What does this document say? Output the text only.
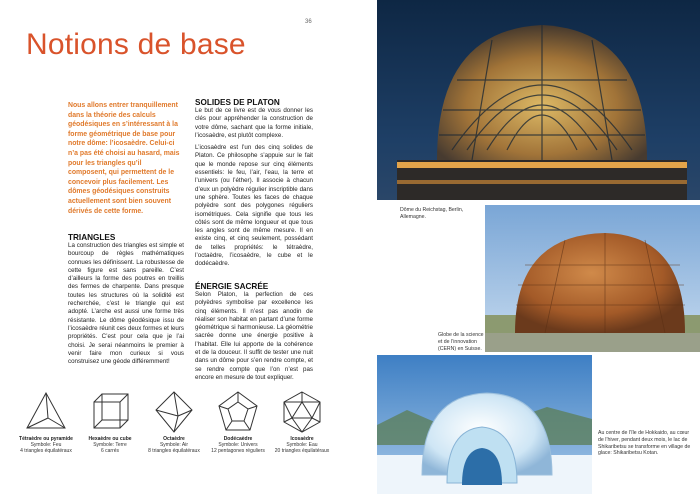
36
Notions de base

Nous allons entrer tranquillement dans la théorie des calculs géodésiques en s’intéressant à la forme géométrique de base pour notre dôme: l’icosaèdre. Celui-ci n’a pas été choisi au hasard, mais pour les triangles qu’il composent, qui permettent de le concevoir plus facilement. Les dômes géodésiques construits actuellement sont bien souvent dérivés de cette forme.

TRIANGLES

La construction des triangles est simple et bourcoup de règles mathématiques connues les définissent. La robustesse de cette figure est sans pareille. C’est d’ailleurs la forme des poutres en treillis des fermes de charpente. Dans presque toutes les structures où la solidité est recherchée, c’est le triangle qui est adopté. L’arche est aussi une forme très résistante. Le dôme géodésique issu de l’icosaèdre réunit ces deux formes et leurs propriétés. C’est pour cela que je l’ai choisi. Je serai néanmoins le premier à venir faire mon curieux si vous construisez une géode différemment!

SOLIDES DE PLATON

Le but de ce livre est de vous donner les clés pour appréhender la construction de votre dôme, sachant que la forme initiale, l’icosaèdre, est plutôt complexe.

L’icosaèdre est l’un des cinq solides de Platon. Ce philosophe s’appuie sur le fait que le monde repose sur cinq éléments essentiels: le feu, l’air, l’eau, la terre et l’univers (ou l’éther). Il associe à chacun d’eux un polyèdre régulier inscriptible dans une sphère. Toutes les faces de chaque polyèdre sont des polygones réguliers isométriques. Cela signifie que tous les côtés sont de même longueur et que tous les angles sont de même mesure. Il en existe cinq, et cinq seulement, possédant de telles propriétés: le tétraèdre, l’octaèdre, l’icosaèdre, le cube et le dodécaèdre.

ÉNERGIE SACRÉE

Selon Platon, la perfection de ces polyèdres symbolise par excellence les cinq éléments. Il n’est pas anodin de réaliser son habitat en partant d’une forme géométrique si harmonieuse. La géométrie sacrée donne une énergie positive à l’habitat. Elle lui apporte de la cohérence et de la douceur. Il suffit de tester une nuit dans un dôme pour s’en rendre compte, et se rendre compte que l’on n’est pas encore en mesure de tout expliquer.

Dôme du Reichstag, Berlin, Allemagne.
Globe de la science et de l’innovation (CERN) en Suisse.
Au centre de l’île de Hokkaido, au cœur de l’hiver, pendant deux mois, le lac de Shikaribetsu se transforme en village de glace: Shikaribetsu Kotan.
Tétraèdre ou pyramide
Symbole: Feu
4 triangles équilatéraux
Hexaèdre ou cube
Symbole: Terre
6 carrés
Octaèdre
Symbole: Air
8 triangles équilatéraux
Dodécaèdre
Symbole: Univers
12 pentagones réguliers
Icosaèdre
Symbole: Eau
20 triangles équilatéraux
